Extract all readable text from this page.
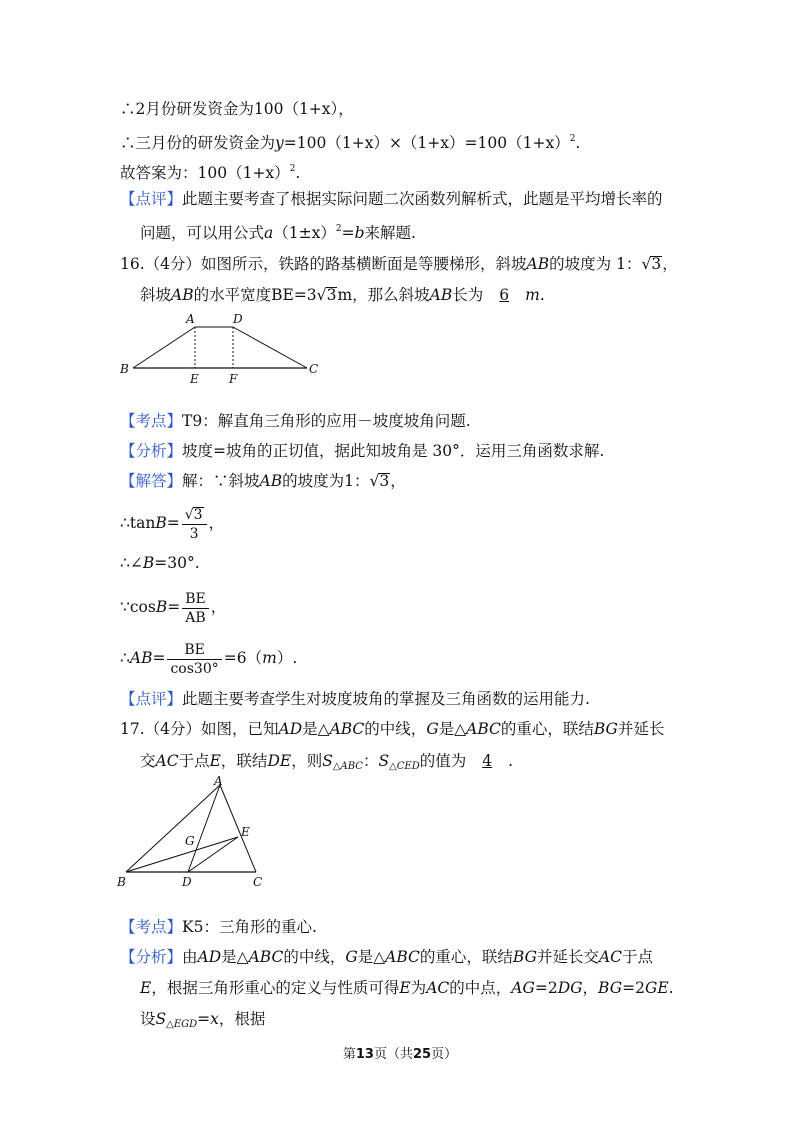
∴2月份研发资金为100（1+x），
∴三月份的研发资金为$y=100(1+x)\times(1+x)=100(1+x)^2$.
故答案为：$100(1+x)^2$.
【点评】此题主要考查了根据实际问题二次函数列解析式，此题是平均增长率的
问题，可以用公式$a(1\pm x)^2=b$来解题.
16.（4分）如图所示，铁路的路基横断面是等腰梯形，斜坡AB的坡度为 1：√3，
斜坡AB的水平宽度BE=3√3m，那么斜坡AB长为 6 m.
A	D
B
E	F
C
【考点】T9：解直角三角形的应用－坡度坡角问题.
【分析】坡度=坡角的正切值，据此知坡角是 30°．运用三角函数求解.
【解答】解：∵斜坡AB的坡度为1：√3，
∴tanB= $\frac{√3}{3}$ ，
∴∠B=30°.
∵cosB= $\frac{BE}{AB}$ ，
∴AB= $\frac{BE}{\cos 30^\circ} =6(m)$.
【点评】此题主要考查学生对坡度坡角的掌握及三角函数的运用能力.
17.（4分）如图，已知AD是△ABC的中线，G是△ABC的重心，联结BG并延长
交AC于点E，联结DE，则$S_{\triangle ABC}$：$S_{\triangle CED}$的值为 4 .
A
B	C
D
E
G
【考点】K5：三角形的重心.
【分析】由AD是△ABC的中线，G是△ABC的重心，联结BG并延长交AC于点
E，根据三角形重心的定义与性质可得E为AC的中点，AG=2DG，BG=2GE.
设$S_{\triangle EGD}=x$，根据
第13页（共25页）
